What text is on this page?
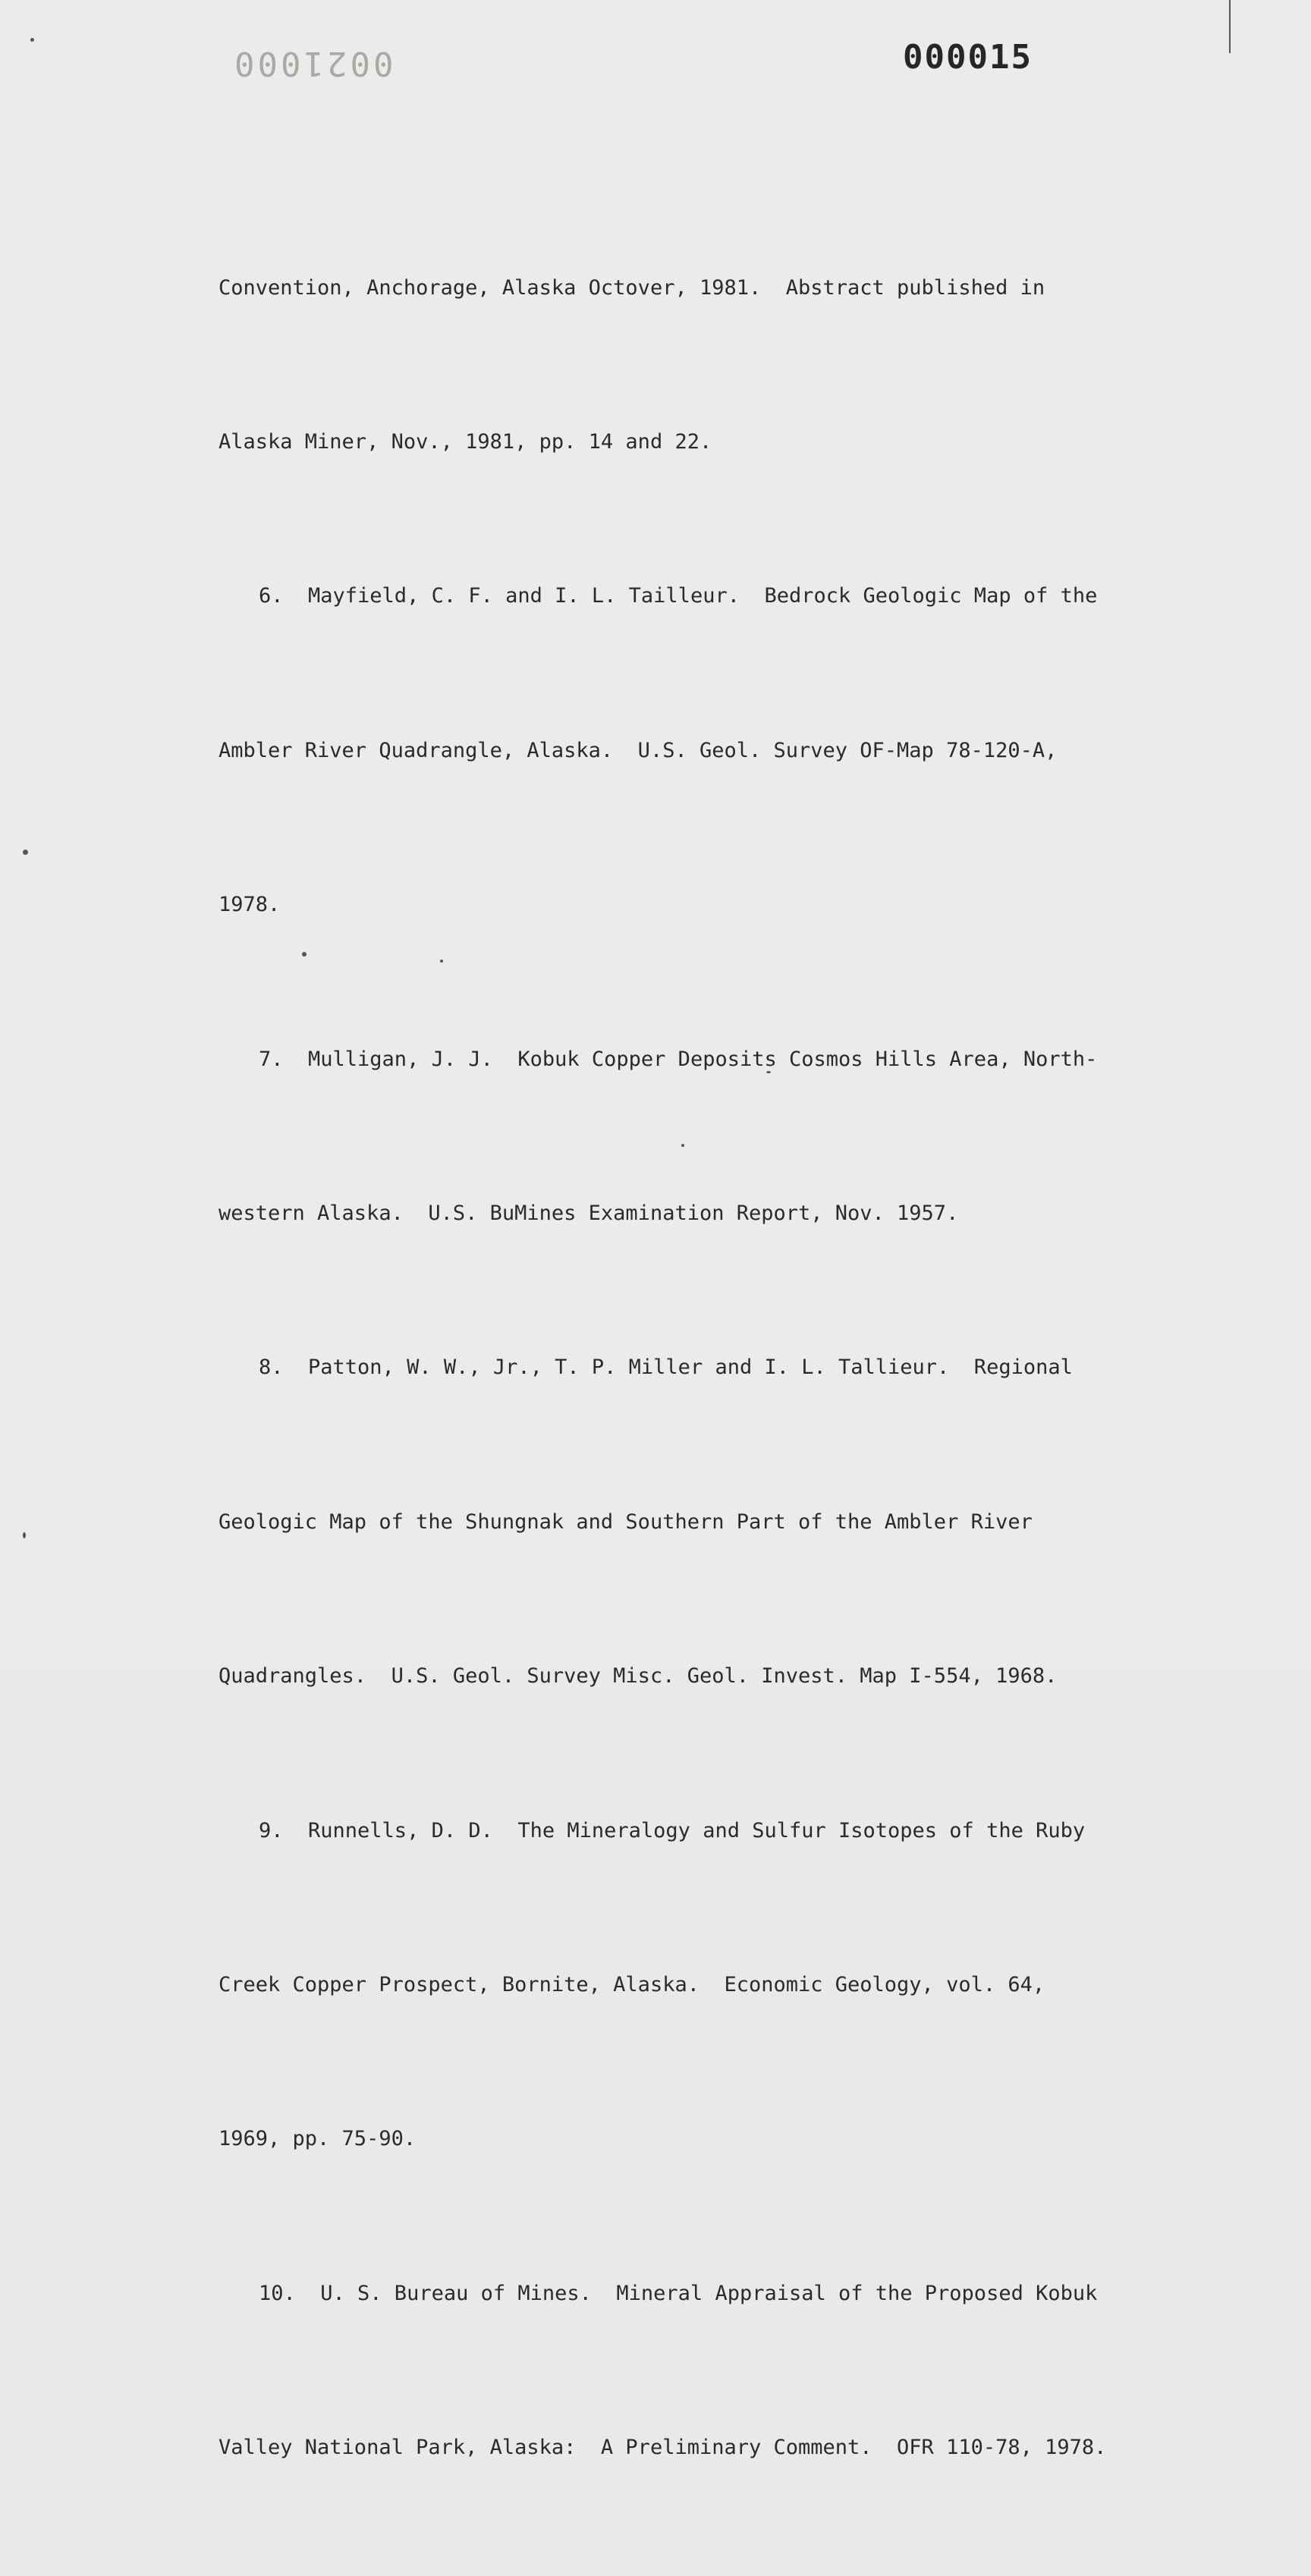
0021000	000015

Convention, Anchorage, Alaska Octover, 1981.  Abstract published in

Alaska Miner, Nov., 1981, pp. 14 and 22.

6.  Mayfield, C. F. and I. L. Tailleur.  Bedrock Geologic Map of the

Ambler River Quadrangle, Alaska.  U.S. Geol. Survey OF-Map 78-120-A,

1978.

7.  Mulligan, J. J.  Kobuk Copper Deposits Cosmos Hills Area, North-

western Alaska.  U.S. BuMines Examination Report, Nov. 1957.

8.  Patton, W. W., Jr., T. P. Miller and I. L. Tallieur.  Regional

Geologic Map of the Shungnak and Southern Part of the Ambler River

Quadrangles.  U.S. Geol. Survey Misc. Geol. Invest. Map I-554, 1968.

9.  Runnells, D. D.  The Mineralogy and Sulfur Isotopes of the Ruby

Creek Copper Prospect, Bornite, Alaska.  Economic Geology, vol. 64,

1969, pp. 75-90.

10.  U. S. Bureau of Mines.  Mineral Appraisal of the Proposed Kobuk

Valley National Park, Alaska:  A Preliminary Comment.  OFR 110-78, 1978.
